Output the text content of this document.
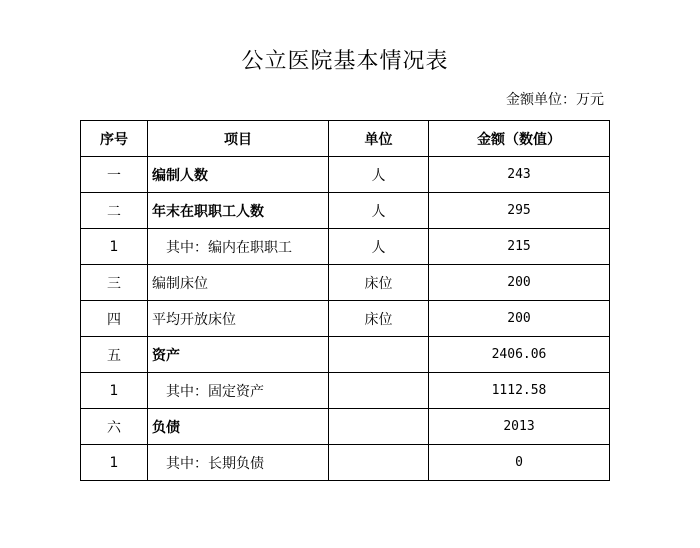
公立医院基本情况表
金额单位：万元
序号	项目	单位	金额（数值）
一	编制人数	人	243
二	年末在职职工人数	人	295
1	其中：编内在职职工	人	215
三	编制床位	床位	200
四	平均开放床位	床位	200
五	资产		2406.06
1	其中：固定资产		1112.58
六	负债		2013
1	其中：长期负债		0
